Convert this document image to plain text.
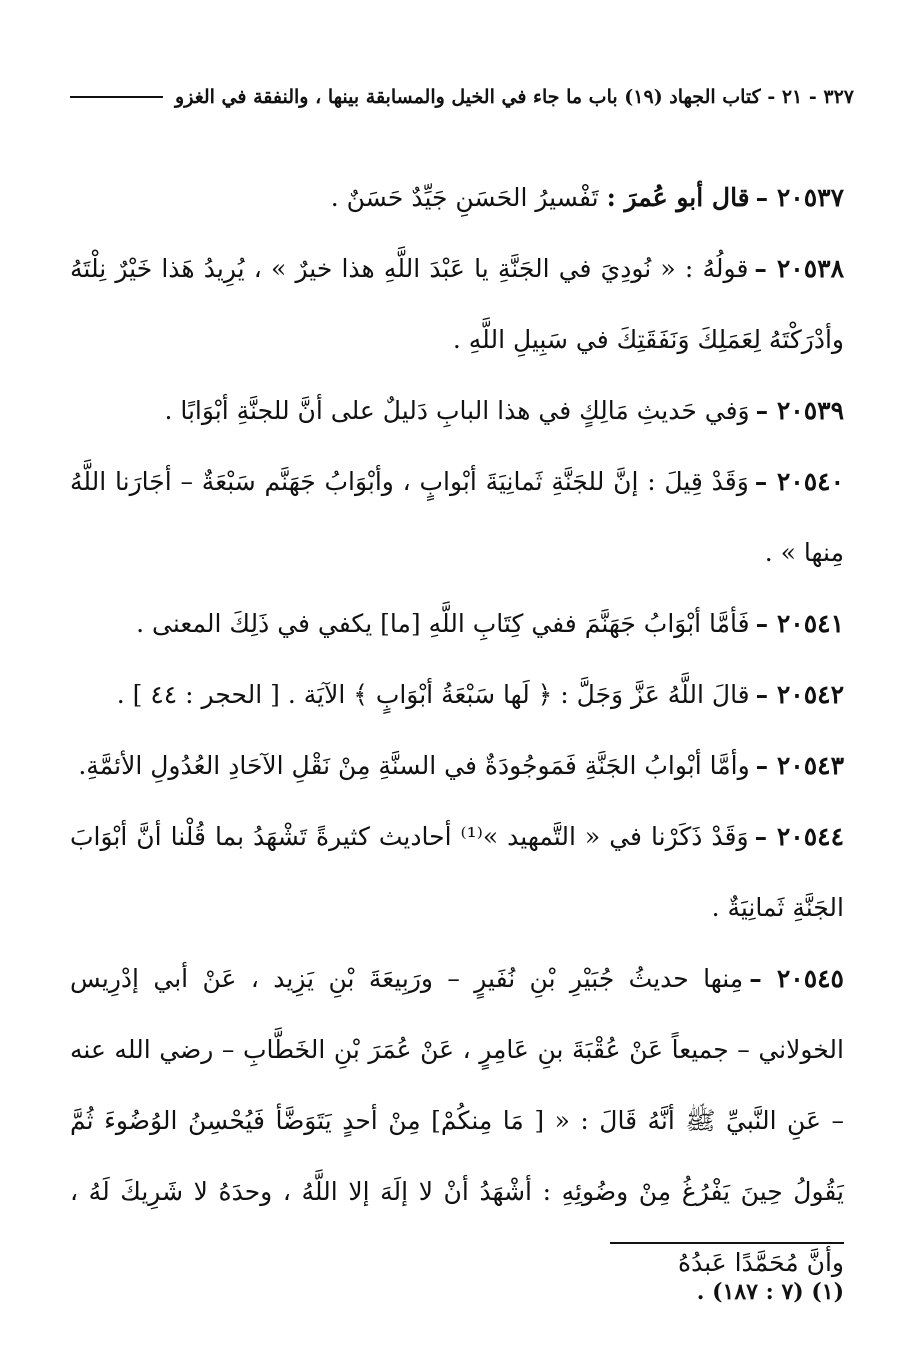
٣٢٧ - ٢١ - كتاب الجهاد (١٩) باب ما جاء في الخيل والمسابقة بينها ، والنفقة في الغزو

٢٠٥٣٧ –قال أبو عُمرَ : تَفْسيرُ الحَسَنِ جَيِّدٌ حَسَنٌ .

٢٠٥٣٨ –قولُهُ : « نُودِيَ في الجَنَّةِ يا عَبْدَ اللَّهِ هذا خيرٌ » ، يُرِيدُ هَذا خَيْرٌ نِلْتَهُ وأدْرَكْتَهُ لِعَمَلِكَ وَنَفَقَتِكَ في سَبِيلِ اللَّهِ .

٢٠٥٣٩ –وَفي حَديثِ مَالِكٍ في هذا البابِ دَليلٌ على أنَّ للجنَّةِ أبْوَابًا .

٢٠٥٤٠ –وَقَدْ قِيلَ : إنَّ للجَنَّةِ ثَمانِيَةَ أبْوابٍ ، وأبْوَابُ جَهَنَّم سَبْعَةٌ – أجَارَنا اللَّهُ مِنها » .

٢٠٥٤١ –فَأمَّا أبْوَابُ جَهَنَّمَ ففي كِتَابِ اللَّهِ [ما] يكفي في ذَلِكَ المعنى .

٢٠٥٤٢ –قالَ اللَّهُ عَزَّ وَجَلَّ : ﴿ لَها سَبْعَةُ أبْوَابٍ ﴾ الآيَة . [ الحجر : ٤٤ ] .

٢٠٥٤٣ –وأمَّا أبْوابُ الجَنَّةِ فَمَوجُودَةٌ في السنَّةِ مِنْ نَقْلِ الآحَادِ العُدُولِ الأئمَّةِ.

٢٠٥٤٤ –وَقَدْ ذَكَرْنا في « التَّمهيد »⁽¹⁾ أحاديث كثيرةً تَشْهَدُ بما قُلْنا أنَّ أبْوَابَ الجَنَّةِ ثَمانِيَةٌ .

٢٠٥٤٥ –مِنها حديثُ جُبَيْرِ بْنِ نُفَيرٍ – ورَبِيعَةَ بْنِ يَزِيد ، عَنْ أبي إدْرِيس الخولاني – جميعاً عَنْ عُقْبَةَ بنِ عَامِرٍ ، عَنْ عُمَرَ بْنِ الخَطَّابِ – رضي الله عنه – عَنِ النَّبيِّ ﷺ أنَّهُ قَالَ : « [ مَا مِنكُمْ] مِنْ أحدٍ يَتَوَضَّأ فَيُحْسِنُ الوُضُوءَ ثُمَّ يَقُولُ حِينَ يَفْرُغُ مِنْ وضُوئِهِ : أشْهَدُ أنْ لا إلَهَ إلا اللَّهُ ، وحدَهُ لا شَرِيكَ لَهُ ، وأنَّ مُحَمَّدًا عَبدُهُ

(١) (٧ : ١٨٧) .
